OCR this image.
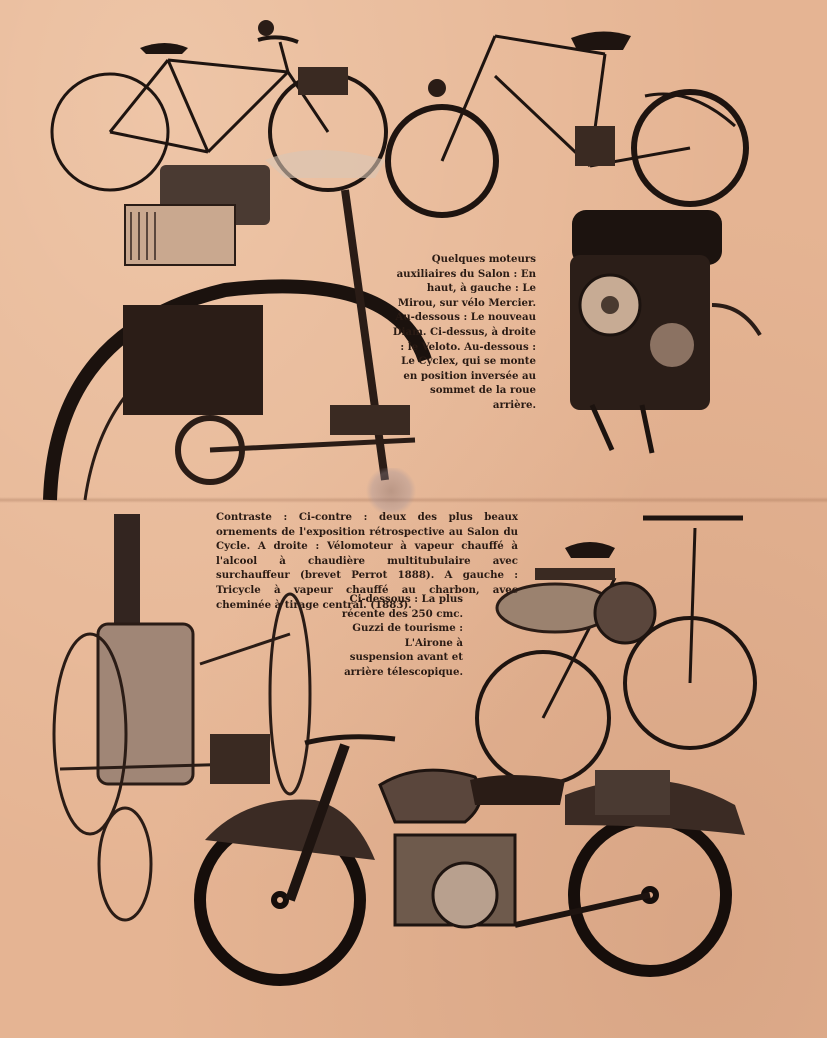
Quelques moteurs auxiliaires du Salon : En haut, à gauche : Le Mirou, sur vélo Mercier. Au-dessous : Le nouveau Diam. Ci-dessus, à droite : le Veloto. Au-dessous : Le Cyclex, qui se monte en position inversée au sommet de la roue arrière.

Contraste : Ci-contre : deux des plus beaux ornements de l'exposition rétrospective au Salon du Cycle. A droite : Vélomoteur à vapeur chauffé à l'alcool à chaudière multitubulaire avec surchauffeur (brevet Perrot 1888). A gauche : Tricycle à vapeur chauffé au charbon, avec cheminée à tirage central. (1883).

Ci-dessous : La plus récente des 250 cmc. Guzzi de tourisme : L'Airone à suspension avant et arrière télescopique.
